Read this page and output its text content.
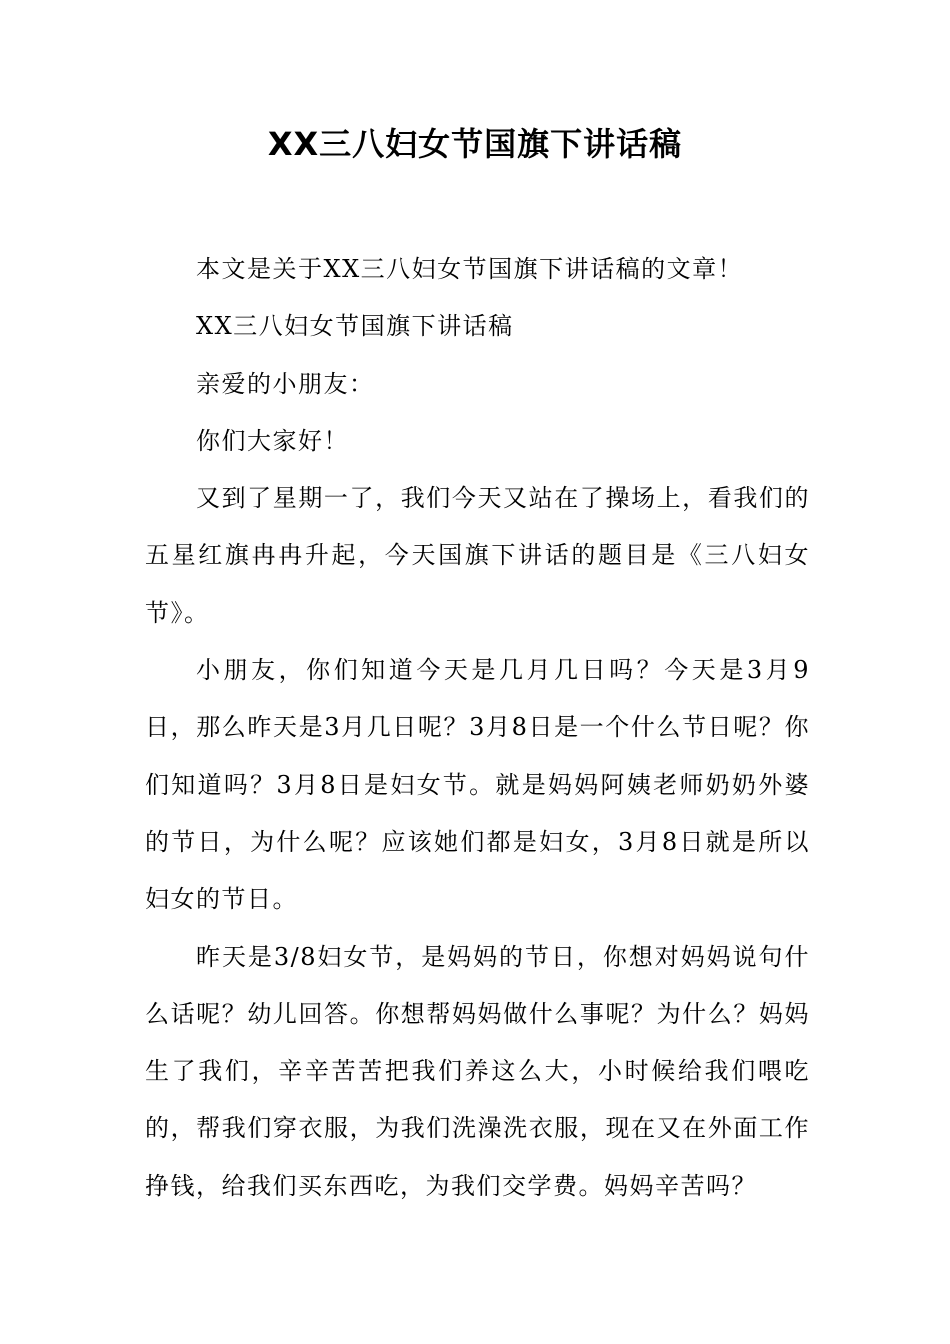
XX三八妇女节国旗下讲话稿

本文是关于XX三八妇女节国旗下讲话稿的文章！

XX三八妇女节国旗下讲话稿

亲爱的小朋友：

你们大家好！

又到了星期一了，我们今天又站在了操场上，看我们的五星红旗冉冉升起，今天国旗下讲话的题目是《三八妇女节》。

小朋友，你们知道今天是几月几日吗？今天是3月9日，那么昨天是3月几日呢？3月8日是一个什么节日呢？你们知道吗？3月8日是妇女节。就是妈妈阿姨老师奶奶外婆的节日，为什么呢？应该她们都是妇女，3月8日就是所以妇女的节日。

昨天是3/8妇女节，是妈妈的节日，你想对妈妈说句什么话呢？幼儿回答。你想帮妈妈做什么事呢？为什么？妈妈生了我们，辛辛苦苦把我们养这么大，小时候给我们喂吃的，帮我们穿衣服，为我们洗澡洗衣服，现在又在外面工作挣钱，给我们买东西吃，为我们交学费。妈妈辛苦吗？
